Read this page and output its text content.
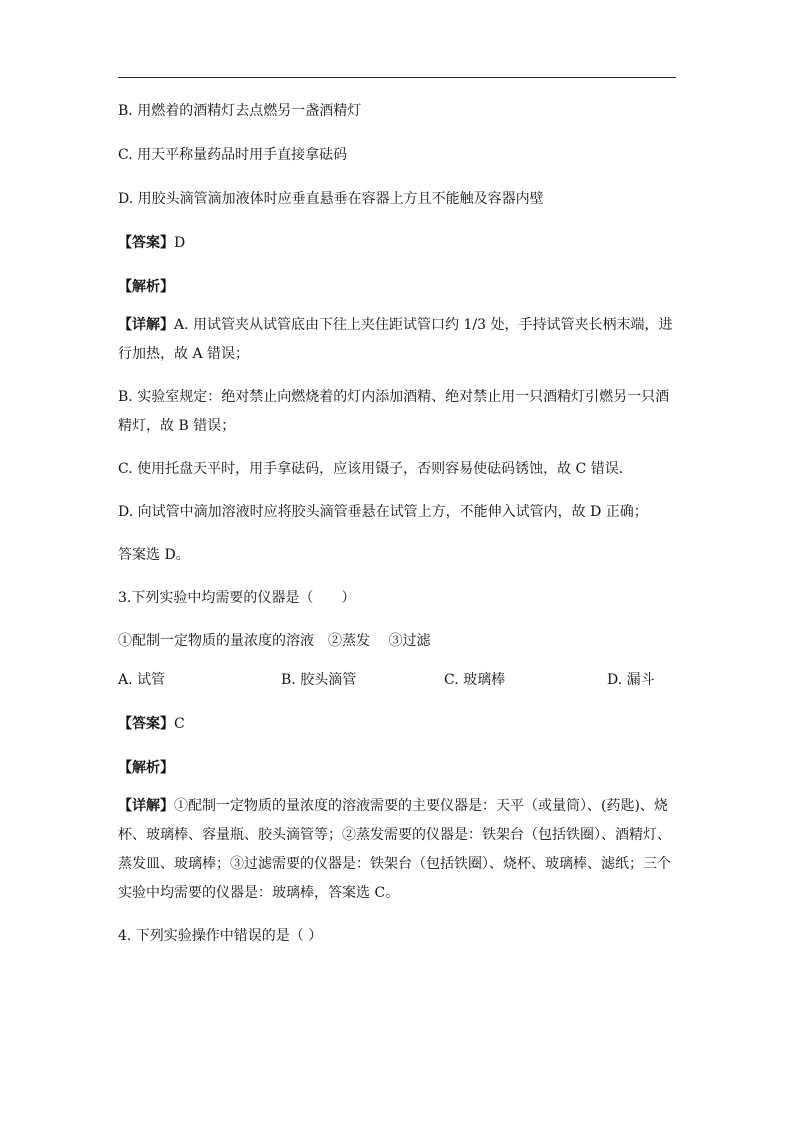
B. 用燃着的酒精灯去点燃另一盏酒精灯

C. 用天平称量药品时用手直接拿砝码

D. 用胶头滴管滴加液体时应垂直悬垂在容器上方且不能触及容器内壁

【答案】D

【解析】

【详解】A. 用试管夹从试管底由下往上夹住距试管口约 1/3 处，手持试管夹长柄末端，进行加热，故 A 错误；

B. 实验室规定：绝对禁止向燃烧着的灯内添加酒精、绝对禁止用一只酒精灯引燃另一只酒精灯，故 B 错误；

C. 使用托盘天平时，用手拿砝码，应该用镊子，否则容易使砝码锈蚀，故 C 错误．

D. 向试管中滴加溶液时应将胶头滴管垂悬在试管上方，不能伸入试管内，故 D 正确；

答案选 D。

3.下列实验中均需要的仪器是（　　）

①配制一定物质的量浓度的溶液　②蒸发　 ③过滤

A. 试管	B. 胶头滴管	C. 玻璃棒	D. 漏斗

【答案】C

【解析】

【详解】①配制一定物质的量浓度的溶液需要的主要仪器是：天平（或量筒）、(药匙)、烧杯、玻璃棒、容量瓶、胶头滴管等；②蒸发需要的仪器是：铁架台（包括铁圈）、酒精灯、蒸发皿、玻璃棒；③过滤需要的仪器是：铁架台（包括铁圈）、烧杯、玻璃棒、滤纸；三个实验中均需要的仪器是：玻璃棒，答案选 C。

4. 下列实验操作中错误的是（ ）
